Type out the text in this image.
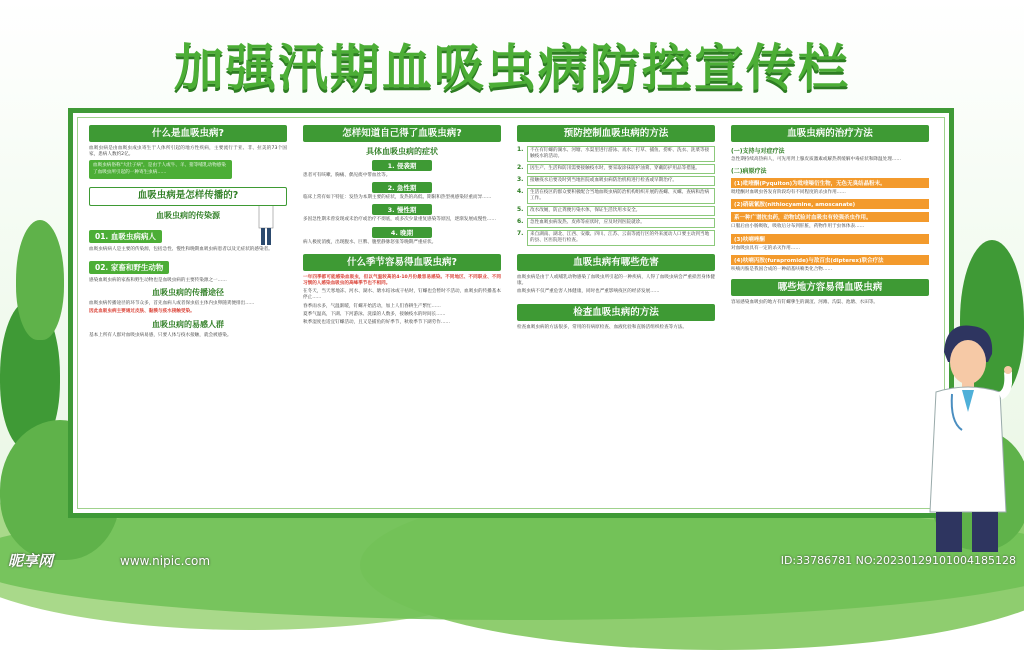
加强汛期血吸虫病防控宣传栏
什么是血吸虫病?
血吸虫病是由血吸虫成虫寄生于人体所引起的地方性疾病，主要流行于亚、非、拉美的73个国家，患病人数约2亿。
血吸虫病俗称"大肚子病"，是由于人或牛、羊、猪等哺乳动物感染了血吸虫所引起的一种寄生虫病……
血吸虫病是怎样传播的?
血吸虫病的传染源
01. 血吸虫病病人
血吸虫病病人是主要的传染源，包括急性、慢性和晚期血吸虫病患者以及无症状的感染者。
02. 家畜和野生动物
感染血吸虫病的家畜和野生动物也是血吸虫病的主要传染源之一……
血吸虫病的传播途径
血吸虫病传播途径的环节众多，首先血病人或者保虫宿主体内虫卵随粪便排出……
因此血吸虫病主要通过皮肤、黏膜与疫水接触受染。
血吸虫病的易感人群
基本上所有人群对血吸虫病易感，只要人体与疫水接触，就会被感染。
怎样知道自己得了血吸虫病?
具体血吸虫病的症状
1. 侵袭期
患者可有咳嗽、胸痛、偶见痰中带血丝等。
2. 急性期
临床上常有如下特征：发热为本期主要的症状，发热的高低、期限和热型视感染轻重而异……
3. 慢性期
多因急性期未曾发现或未治疗或治疗不彻底，或多次少量重复感染等原因，逐渐发展成慢性……
4. 晚期
病人极度消瘦，出现腹水、巨脾、腹壁静脉怒张等晚期严重症状。
什么季节容易得血吸虫病?
一年四季都可能感染血吸虫，但以气温较高的4-10月份最容易感染。不同地区、不同职业、不同习惯的人感染血吸虫的高峰季节也不相同。
在冬天，当天寒地冻、河水、湖水、塘水结冰或干枯时，钉螺也会暂时不活动，血吸虫的传播基本停止……
春季雨水多，气温渐暖，钉螺开始活动，加上人们春耕生产繁忙……
夏季气温高，下湖、下河游泳、洗澡的人数多，接触疫水的时间长……
秋季湿度也适宜钉螺活动，且又是捕鱼的好季节，秋收季节下湖劳作……
预防控制血吸虫病的方法
1.	不在有钉螺的湖水、河塘、水渠里进行游泳、戏水、打草、捕鱼、捞虾、洗衣、洗菜等接触疫水的活动。
2.	因生产、生活和防汛需要接触疫水时，要采取涂抹防护油膏、穿戴防护用品等措施。
3.	接触疫水后要及时到当地医院或血吸虫病防治机构进行检查或早期治疗。
4.	生活在疫区的群众要积极配合当地血吸虫病防治机构组织开展的查螺、灭螺、查病和治病工作。
5.	改水改厕，防止粪便污染水体，保证生活饮用水安全。
6.	急性血吸虫病发热、皮疹等症状时，应及时到医院就诊。
7.	来自湖南、湖北、江西、安徽、四川、江苏、云南等流行区的外来流动人口要主动到当地的县、区医院进行检查。
血吸虫病有哪些危害
血吸虫病是由于人或哺乳动物感染了血吸虫所引起的一种疾病，人得了血吸虫病会严重损害身体健康。
血吸虫病不仅严重危害人体健康，同时也严重影响疫区的经济发展……
检查血吸虫病的方法
检查血吸虫病的方法很多，常用的有病原检查、血液化验和直肠活组织检查等方法。
血吸虫病的治疗方法
(一)支持与对症疗法
急性期持续高热病人，可先用肾上腺皮质激素或解热剂缓解中毒症状和降温处理……
(二)病原疗法
(1)吡喹酮(Pyquiton)为吡喹嗪衍生物，无色无臭结晶粉末。
吡喹酮对血吸虫各发育阶段均有不同程度的杀虫作用……
(2)硝硫氰胺(nithiocyamine, amoscanate)
系一种广谱抗虫药，动物试验对血吸虫有较强杀虫作用。
口服后由小肠吸收，吸收后分布到肝脏，药物作用于虫体体表……
(3)呋喃唑酮
对血吸虫具有一定的杀灭作用……
(4)呋喃丙胺(furapromide)与敌百虫(dipterex)联合疗法
呋喃丙胺是我国合成的一种硝基呋喃类化合物……
哪些地方容易得血吸虫病
容易感染血吸虫的地方有钉螺孳生的湖汊、河滩、沟渠、池塘、水田等。
昵享网	www.nipic.com	ID:33786781 NO:20230129101004185128
